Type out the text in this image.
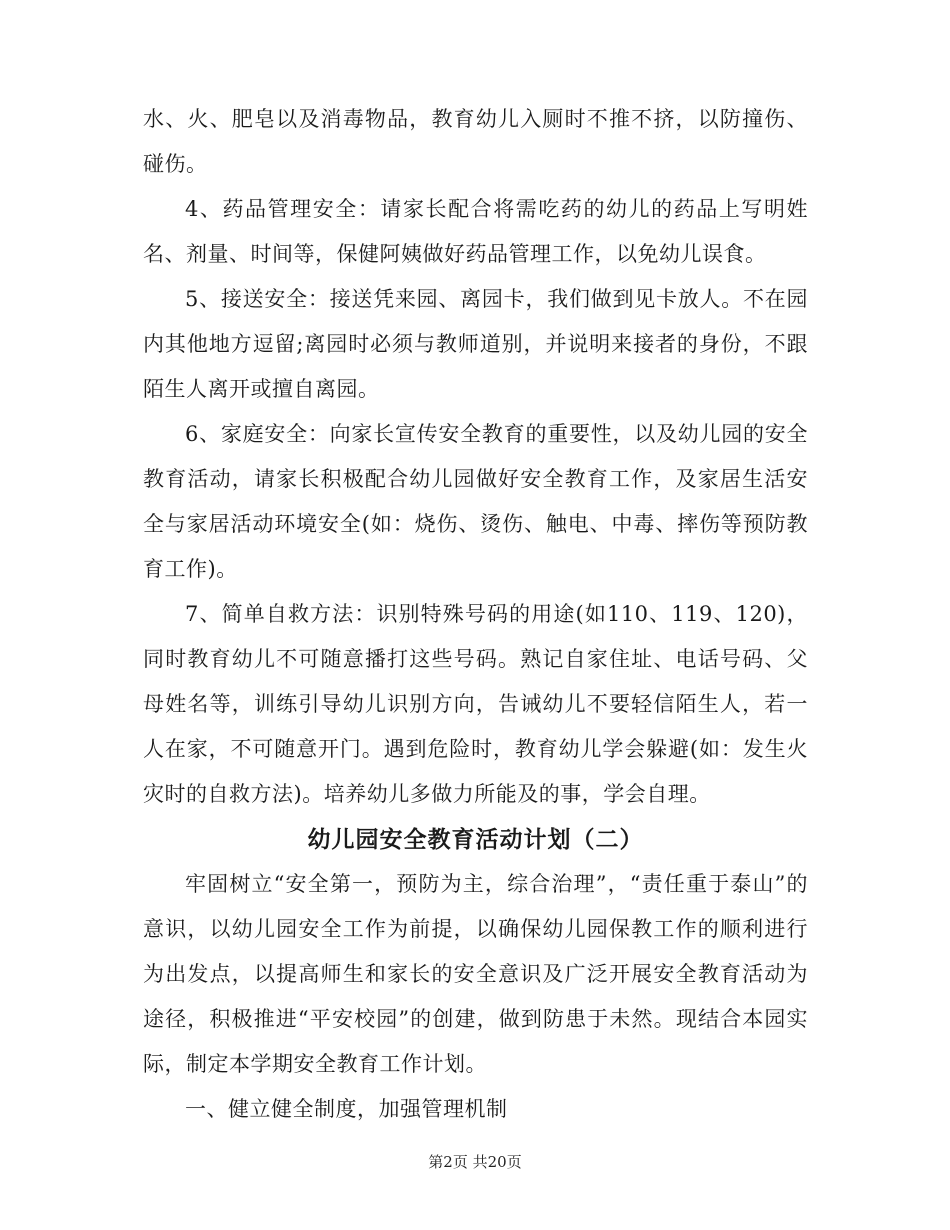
水、火、肥皂以及消毒物品，教育幼儿入厕时不推不挤，以防撞伤、碰伤。

4、药品管理安全：请家长配合将需吃药的幼儿的药品上写明姓名、剂量、时间等，保健阿姨做好药品管理工作，以免幼儿误食。

5、接送安全：接送凭来园、离园卡，我们做到见卡放人。不在园内其他地方逗留;离园时必须与教师道别，并说明来接者的身份，不跟陌生人离开或擅自离园。

6、家庭安全：向家长宣传安全教育的重要性，以及幼儿园的安全教育活动，请家长积极配合幼儿园做好安全教育工作，及家居生活安全与家居活动环境安全(如：烧伤、烫伤、触电、中毒、摔伤等预防教育工作)。

7、简单自救方法：识别特殊号码的用途(如110、119、120)，同时教育幼儿不可随意播打这些号码。熟记自家住址、电话号码、父母姓名等，训练引导幼儿识别方向，告诫幼儿不要轻信陌生人，若一人在家，不可随意开门。遇到危险时，教育幼儿学会躲避(如：发生火灾时的自救方法)。培养幼儿多做力所能及的事，学会自理。

幼儿园安全教育活动计划（二）

牢固树立“安全第一，预防为主，综合治理”，“责任重于泰山”的意识，以幼儿园安全工作为前提，以确保幼儿园保教工作的顺利进行为出发点，以提高师生和家长的安全意识及广泛开展安全教育活动为途径，积极推进“平安校园”的创建，做到防患于未然。现结合本园实际，制定本学期安全教育工作计划。

一、健立健全制度，加强管理机制

第2页 共20页
